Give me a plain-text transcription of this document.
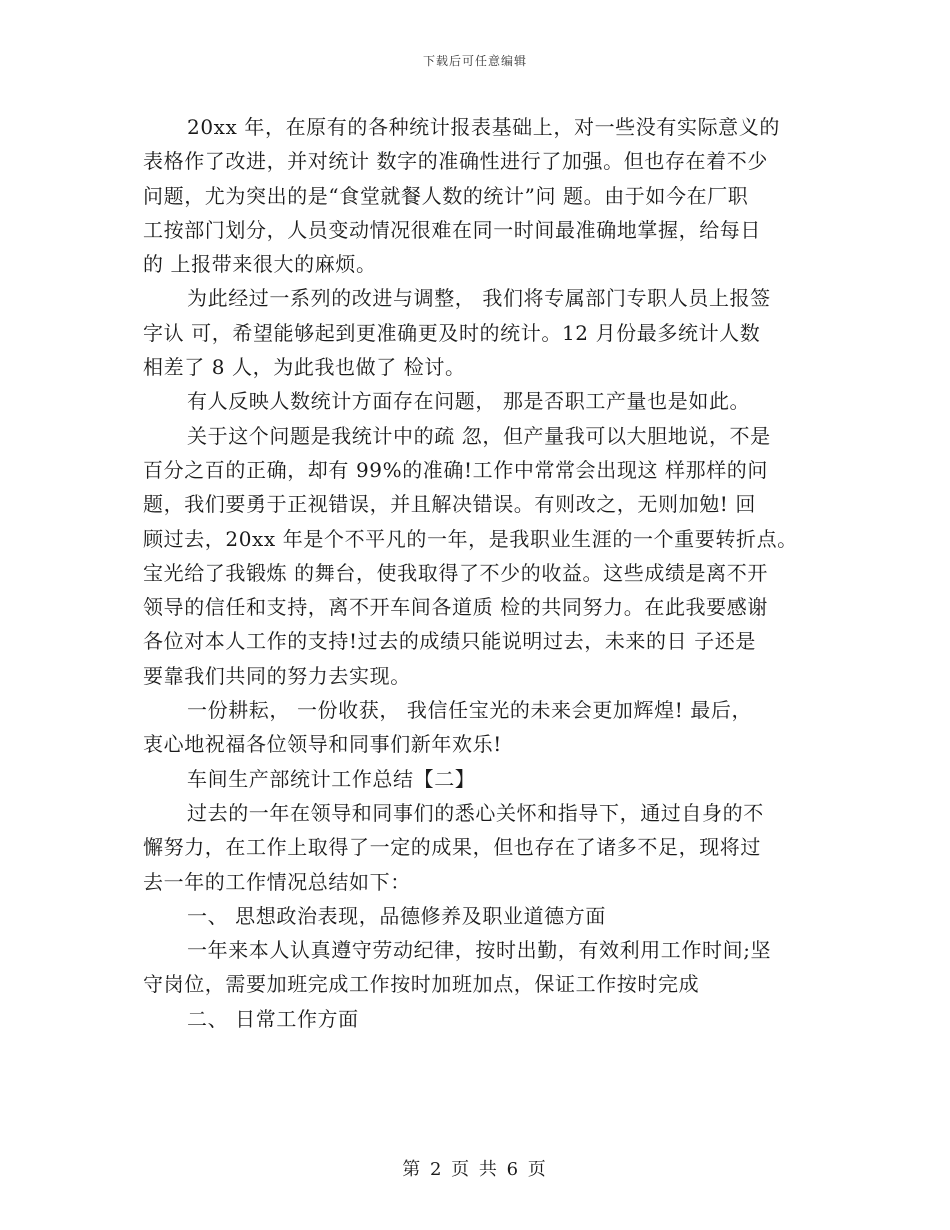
下载后可任意编辑
20xx 年，在原有的各种统计报表基础上，对一些没有实际意义的
表格作了改进，并对统计 数字的准确性进行了加强。但也存在着不少
问题，尤为突出的是“食堂就餐人数的统计”问 题。由于如今在厂职
工按部门划分，人员变动情况很难在同一时间最准确地掌握，给每日
的 上报带来很大的麻烦。
为此经过一系列的改进与调整， 我们将专属部门专职人员上报签
字认 可，希望能够起到更准确更及时的统计。12 月份最多统计人数
相差了 8 人，为此我也做了 检讨。
有人反映人数统计方面存在问题， 那是否职工产量也是如此。
关于这个问题是我统计中的疏 忽，但产量我可以大胆地说，不是
百分之百的正确，却有 99%的准确!工作中常常会出现这 样那样的问
题，我们要勇于正视错误，并且解决错误。有则改之，无则加勉! 回
顾过去，20xx 年是个不平凡的一年，是我职业生涯的一个重要转折点。
宝光给了我锻炼 的舞台，使我取得了不少的收益。这些成绩是离不开
领导的信任和支持，离不开车间各道质 检的共同努力。在此我要感谢
各位对本人工作的支持!过去的成绩只能说明过去，未来的日 子还是
要靠我们共同的努力去实现。
一份耕耘， 一份收获， 我信任宝光的未来会更加辉煌! 最后，
衷心地祝福各位领导和同事们新年欢乐!
车间生产部统计工作总结【二】
过去的一年在领导和同事们的悉心关怀和指导下，通过自身的不
懈努力，在工作上取得了一定的成果，但也存在了诸多不足，现将过
去一年的工作情况总结如下：
一、 思想政治表现，品德修养及职业道德方面
一年来本人认真遵守劳动纪律，按时出勤，有效利用工作时间;坚
守岗位，需要加班完成工作按时加班加点，保证工作按时完成
二、 日常工作方面
第 2 页 共 6 页
